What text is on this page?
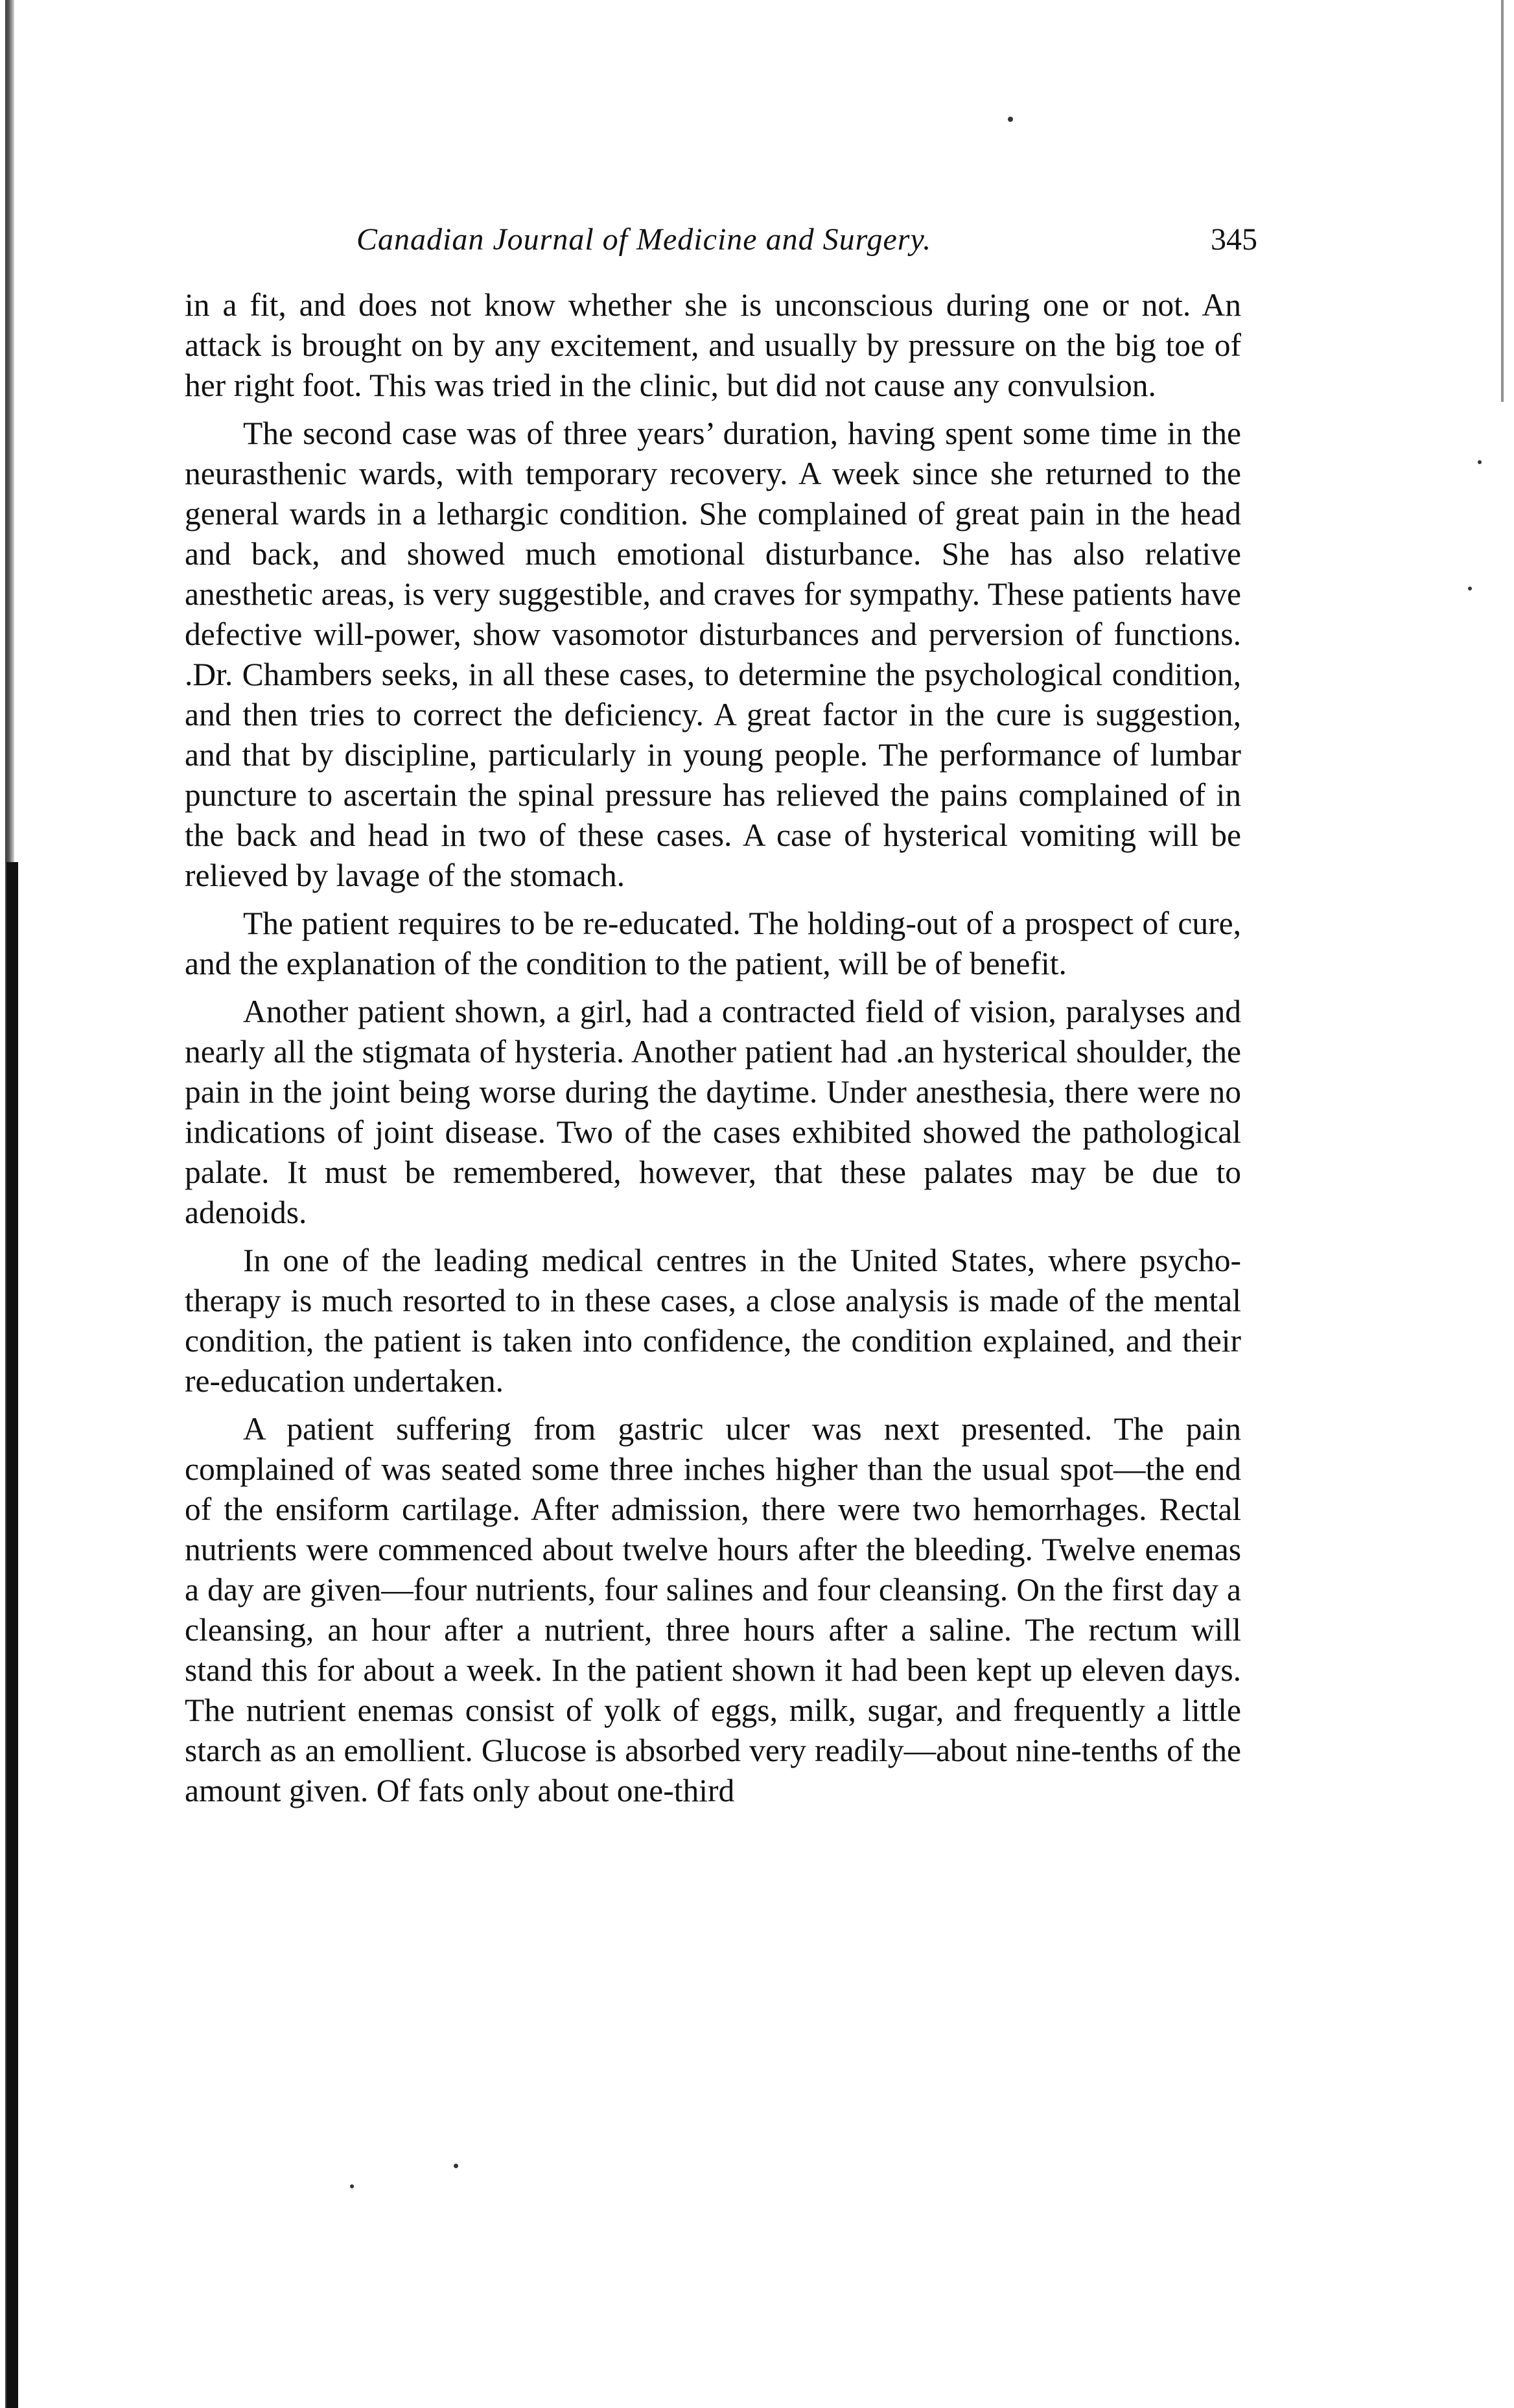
Canadian Journal of Medicine and Surgery.	345

in a fit, and does not know whether she is unconscious during one or not. An attack is brought on by any excitement, and usually by pressure on the big toe of her right foot. This was tried in the clinic, but did not cause any convulsion.

The second case was of three years’ duration, having spent some time in the neurasthenic wards, with temporary recovery. A week since she returned to the general wards in a lethargic condition. She complained of great pain in the head and back, and showed much emotional disturbance. She has also relative anesthetic areas, is very suggestible, and craves for sympathy. These patients have defective will-power, show vasomotor disturbances and perversion of functions. .Dr. Chambers seeks, in all these cases, to determine the psychological condition, and then tries to correct the deficiency. A great factor in the cure is suggestion, and that by discipline, particularly in young people. The performance of lumbar puncture to ascertain the spinal pressure has relieved the pains complained of in the back and head in two of these cases. A case of hysterical vomiting will be relieved by lavage of the stomach.

The patient requires to be re-educated. The holding-out of a prospect of cure, and the explanation of the condition to the patient, will be of benefit.

Another patient shown, a girl, had a contracted field of vision, paralyses and nearly all the stigmata of hysteria. Another patient had .an hysterical shoulder, the pain in the joint being worse during the daytime. Under anesthesia, there were no indications of joint disease. Two of the cases exhibited showed the pathological palate. It must be remembered, however, that these palates may be due to adenoids.

In one of the leading medical centres in the United States, where psycho-therapy is much resorted to in these cases, a close analysis is made of the mental condition, the patient is taken into confidence, the condition explained, and their re-education undertaken.

A patient suffering from gastric ulcer was next presented. The pain complained of was seated some three inches higher than the usual spot—the end of the ensiform cartilage. After admission, there were two hemorrhages. Rectal nutrients were commenced about twelve hours after the bleeding. Twelve enemas a day are given—four nutrients, four salines and four cleansing. On the first day a cleansing, an hour after a nutrient, three hours after a saline. The rectum will stand this for about a week. In the patient shown it had been kept up eleven days. The nutrient enemas consist of yolk of eggs, milk, sugar, and frequently a little starch as an emollient. Glucose is absorbed very readily—about nine-tenths of the amount given. Of fats only about one-third
